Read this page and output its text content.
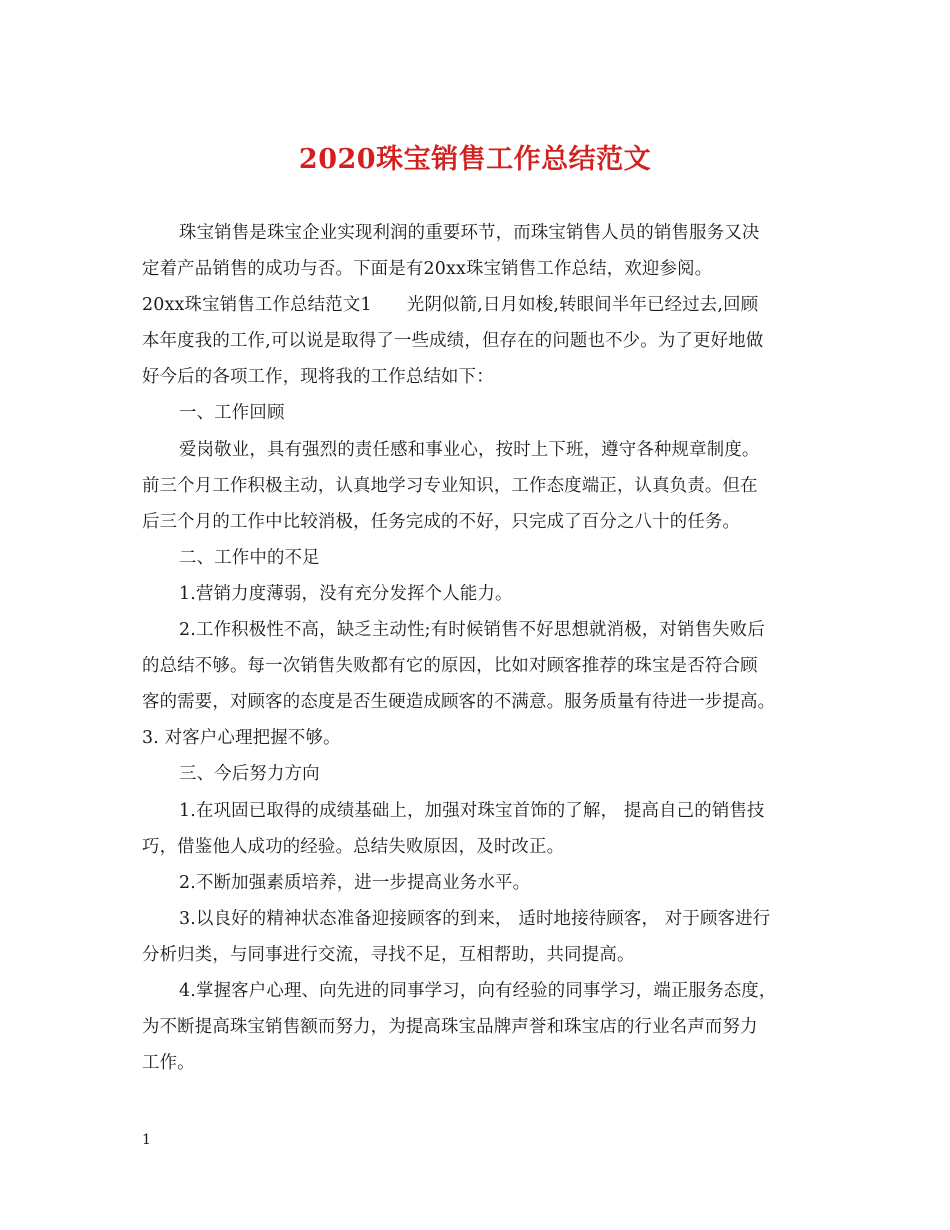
2020珠宝销售工作总结范文
珠宝销售是珠宝企业实现利润的重要环节，而珠宝销售人员的销售服务又决
定着产品销售的成功与否。下面是有20xx珠宝销售工作总结，欢迎参阅。
20xx珠宝销售工作总结范文1　　光阴似箭,日月如梭,转眼间半年已经过去,回顾
本年度我的工作,可以说是取得了一些成绩，但存在的问题也不少。为了更好地做
好今后的各项工作，现将我的工作总结如下：
一、工作回顾
爱岗敬业，具有强烈的责任感和事业心，按时上下班，遵守各种规章制度。
前三个月工作积极主动，认真地学习专业知识，工作态度端正，认真负责。但在
后三个月的工作中比较消极，任务完成的不好，只完成了百分之八十的任务。
二、工作中的不足
1.营销力度薄弱，没有充分发挥个人能力。
2.工作积极性不高，缺乏主动性;有时候销售不好思想就消极，对销售失败后
的总结不够。每一次销售失败都有它的原因，比如对顾客推荐的珠宝是否符合顾
客的需要，对顾客的态度是否生硬造成顾客的不满意。服务质量有待进一步提高。
3. 对客户心理把握不够。
三、今后努力方向
1.在巩固已取得的成绩基础上，加强对珠宝首饰的了解， 提高自己的销售技
巧，借鉴他人成功的经验。总结失败原因，及时改正。
2.不断加强素质培养，进一步提高业务水平。
3.以良好的精神状态准备迎接顾客的到来， 适时地接待顾客， 对于顾客进行
分析归类，与同事进行交流，寻找不足，互相帮助，共同提高。
4.掌握客户心理、向先进的同事学习，向有经验的同事学习，端正服务态度，
为不断提高珠宝销售额而努力，为提高珠宝品牌声誉和珠宝店的行业名声而努力
工作。
1
